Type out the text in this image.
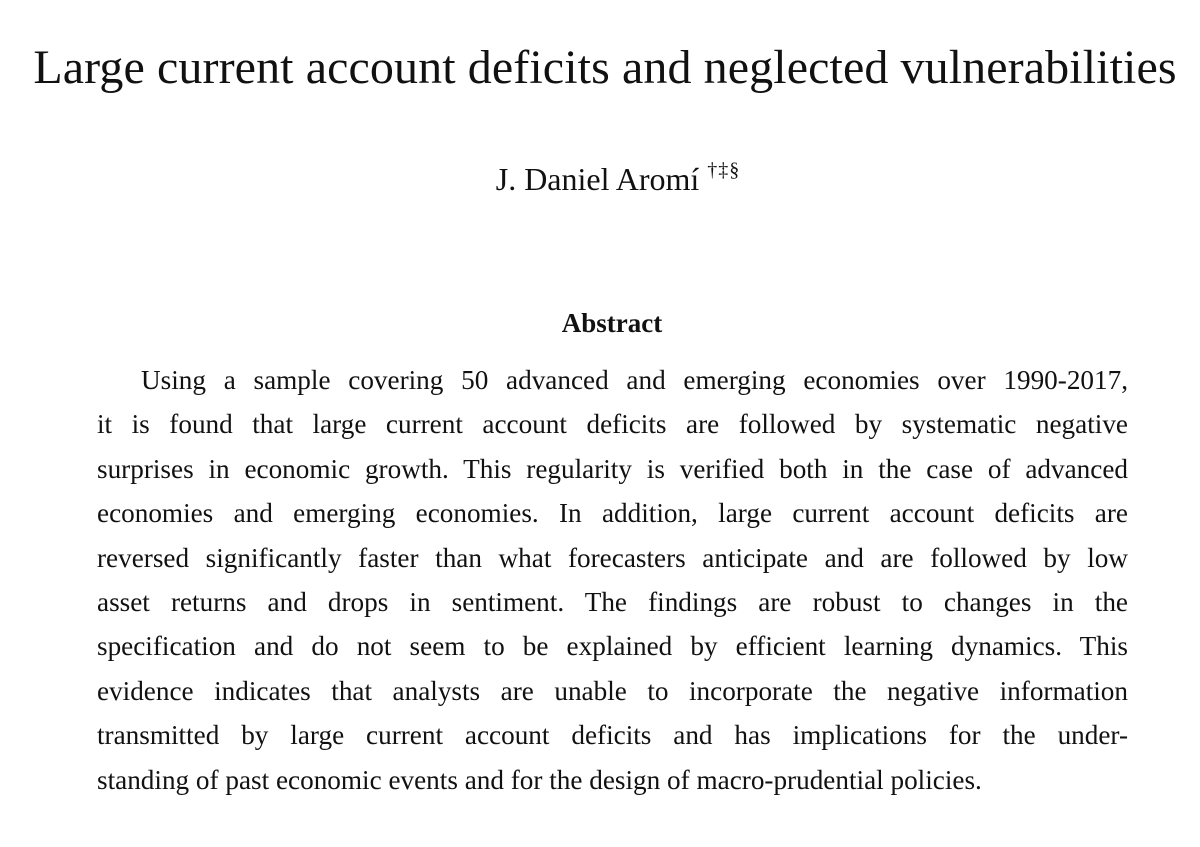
Large current account deficits and neglected vulnerabilities
J. Daniel Aromí †‡§
Abstract
Using a sample covering 50 advanced and emerging economies over 1990-2017,
it is found that large current account deficits are followed by systematic negative
surprises in economic growth. This regularity is verified both in the case of advanced
economies and emerging economies. In addition, large current account deficits are
reversed significantly faster than what forecasters anticipate and are followed by low
asset returns and drops in sentiment. The findings are robust to changes in the
specification and do not seem to be explained by efficient learning dynamics. This
evidence indicates that analysts are unable to incorporate the negative information
transmitted by large current account deficits and has implications for the under-
standing of past economic events and for the design of macro-prudential policies.
